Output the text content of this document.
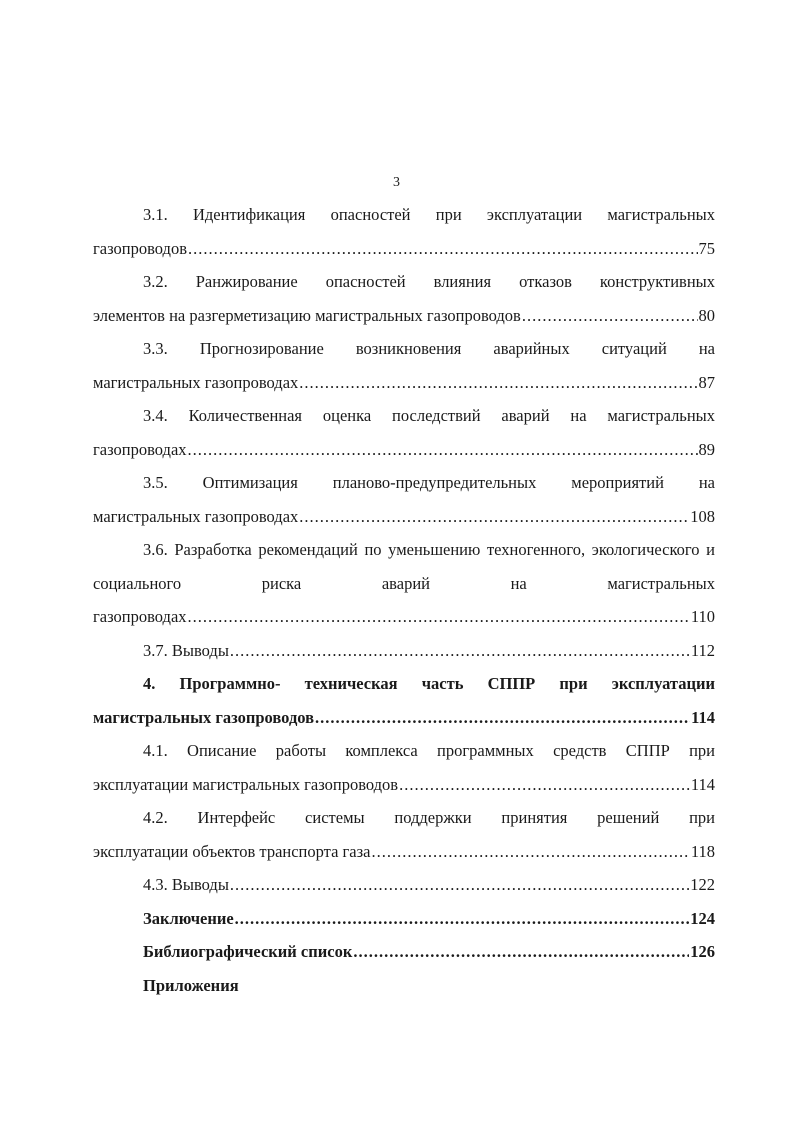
3
3.1. Идентификация опасностей при эксплуатации магистральных
газопроводов .....	75
3.2. Ранжирование опасностей влияния отказов конструктивных
элементов на разгерметизацию магистральных газопроводов .....	80
3.3. Прогнозирование возникновения аварийных ситуаций на
магистральных газопроводах .....	87
3.4. Количественная оценка последствий аварий на магистральных
газопроводах .....	89
3.5. Оптимизация планово-предупредительных мероприятий на
магистральных газопроводах .....	108
3.6. Разработка рекомендаций по уменьшению техногенного, экологического и социального риска аварий на магистральных
газопроводах .....	110
3.7. Выводы .....	112
4. Программно- техническая часть СППР при эксплуатации
магистральных газопроводов .....	114
4.1. Описание работы комплекса программных средств СППР при
эксплуатации магистральных газопроводов .....	114
4.2. Интерфейс системы поддержки принятия решений при
эксплуатации объектов транспорта газа .....	118
4.3. Выводы .....	122
Заключение .....	124
Библиографический список .....	126
Приложения
